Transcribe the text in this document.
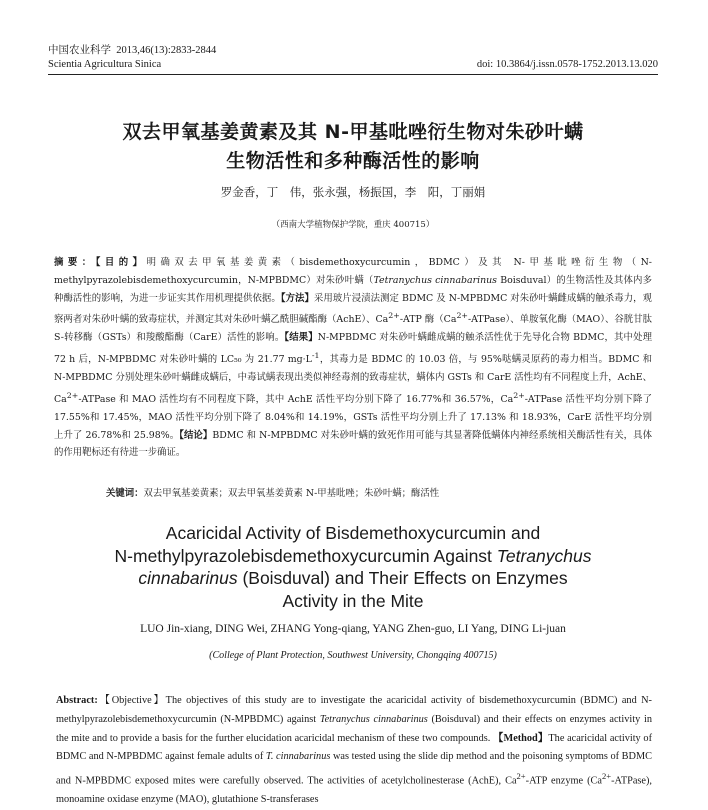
中国农业科学 2013,46(13):2833-2844
Scientia Agricultura Sinica	doi: 10.3864/j.issn.0578-1752.2013.13.020
双去甲氧基姜黄素及其 N-甲基吡唑衍生物对朱砂叶螨
生物活性和多种酶活性的影响
罗金香，丁　伟，张永强，杨振国，李　阳，丁丽娟
（西南大学植物保护学院，重庆 400715）
摘要：【目的】明确双去甲氧基姜黄素（bisdemethoxycurcumin，BDMC）及其 N-甲基吡唑衍生物（N-methylpyrazolebisdemethoxycurcumin，N-MPBDMC）对朱砂叶螨（Tetranychus cinnabarinus Boisduval）的生物活性及其体内多种酶活性的影响，为进一步证实其作用机理提供依据。【方法】采用玻片浸渍法测定 BDMC 及 N-MPBDMC 对朱砂叶螨雌成螨的触杀毒力，观察两者对朱砂叶螨的致毒症状，并测定其对朱砂叶螨乙酰胆碱酯酶（AchE）、$Ca^{2+}$-ATP 酶$(Ca^{2+}-ATPase)$、单胺氧化酶（MAO）、谷胱甘肽 S-转移酶（GSTs）和羧酸酯酶（CarE）活性的影响。【结果】N-MPBDMC 对朱砂叶螨雌成螨的触杀活性优于先导化合物 BDMC，其中处理 72 h 后，N-MPBDMC 对朱砂叶螨的 LC₅₀ 为 21.77 $mg\cdot L^{-1}$，其毒力是 BDMC 的 10.03 倍，与 95%哒螨灵原药的毒力相当。BDMC 和 N-MPBDMC 分别处理朱砂叶螨雌成螨后，中毒试螨表现出类似神经毒剂的致毒症状，螨体内 GSTs 和 CarE 活性均有不同程度上升，AchE、$Ca^{2+}$-ATPase 和 MAO 活性均有不同程度下降，其中 AchE 活性平均分别下降了 16.77%和 36.57%，$Ca^{2+}$-ATPase 活性平均分别下降了 17.55%和 17.45%，MAO 活性平均分别下降了 8.04%和 14.19%，GSTs 活性平均分别上升了 17.13% 和 18.93%，CarE 活性平均分别上升了 26.78%和 25.98%。【结论】BDMC 和 N-MPBDMC 对朱砂叶螨的致死作用可能与其显著降低螨体内神经系统相关酶活性有关，具体的作用靶标还有待进一步确证。
关键词：双去甲氧基姜黄素；双去甲氧基姜黄素 N-甲基吡唑；朱砂叶螨；酶活性
Acaricidal Activity of Bisdemethoxycurcumin and
N-methylpyrazolebisdemethoxycurcumin Against Tetranychus
cinnabarinus (Boisduval) and Their Effects on Enzymes
Activity in the Mite
LUO Jin-xiang, DING Wei, ZHANG Yong-qiang, YANG Zhen-guo, LI Yang, DING Li-juan
(College of Plant Protection, Southwest University, Chongqing 400715)
Abstract:【Objective】The objectives of this study are to investigate the acaricidal activity of bisdemethoxycurcumin (BDMC) and N-methylpyrazolebisdemethoxycurcumin (N-MPBDMC) against Tetranychus cinnabarinus (Boisduval) and their effects on enzymes activity in the mite and to provide a basis for the further elucidation acaricidal mechanism of these two compounds. 【Method】The acaricidal activity of BDMC and N-MPBDMC against female adults of T. cinnabarinus was tested using the slide dip method and the poisoning symptoms of BDMC and N-MPBDMC exposed mites were carefully observed. The activities of acetylcholinesterase (AchE), $Ca^{2+}$-ATP enzyme $(Ca^{2+}-ATPase)$, monoamine oxidase enzyme (MAO), glutathione S-transferases
